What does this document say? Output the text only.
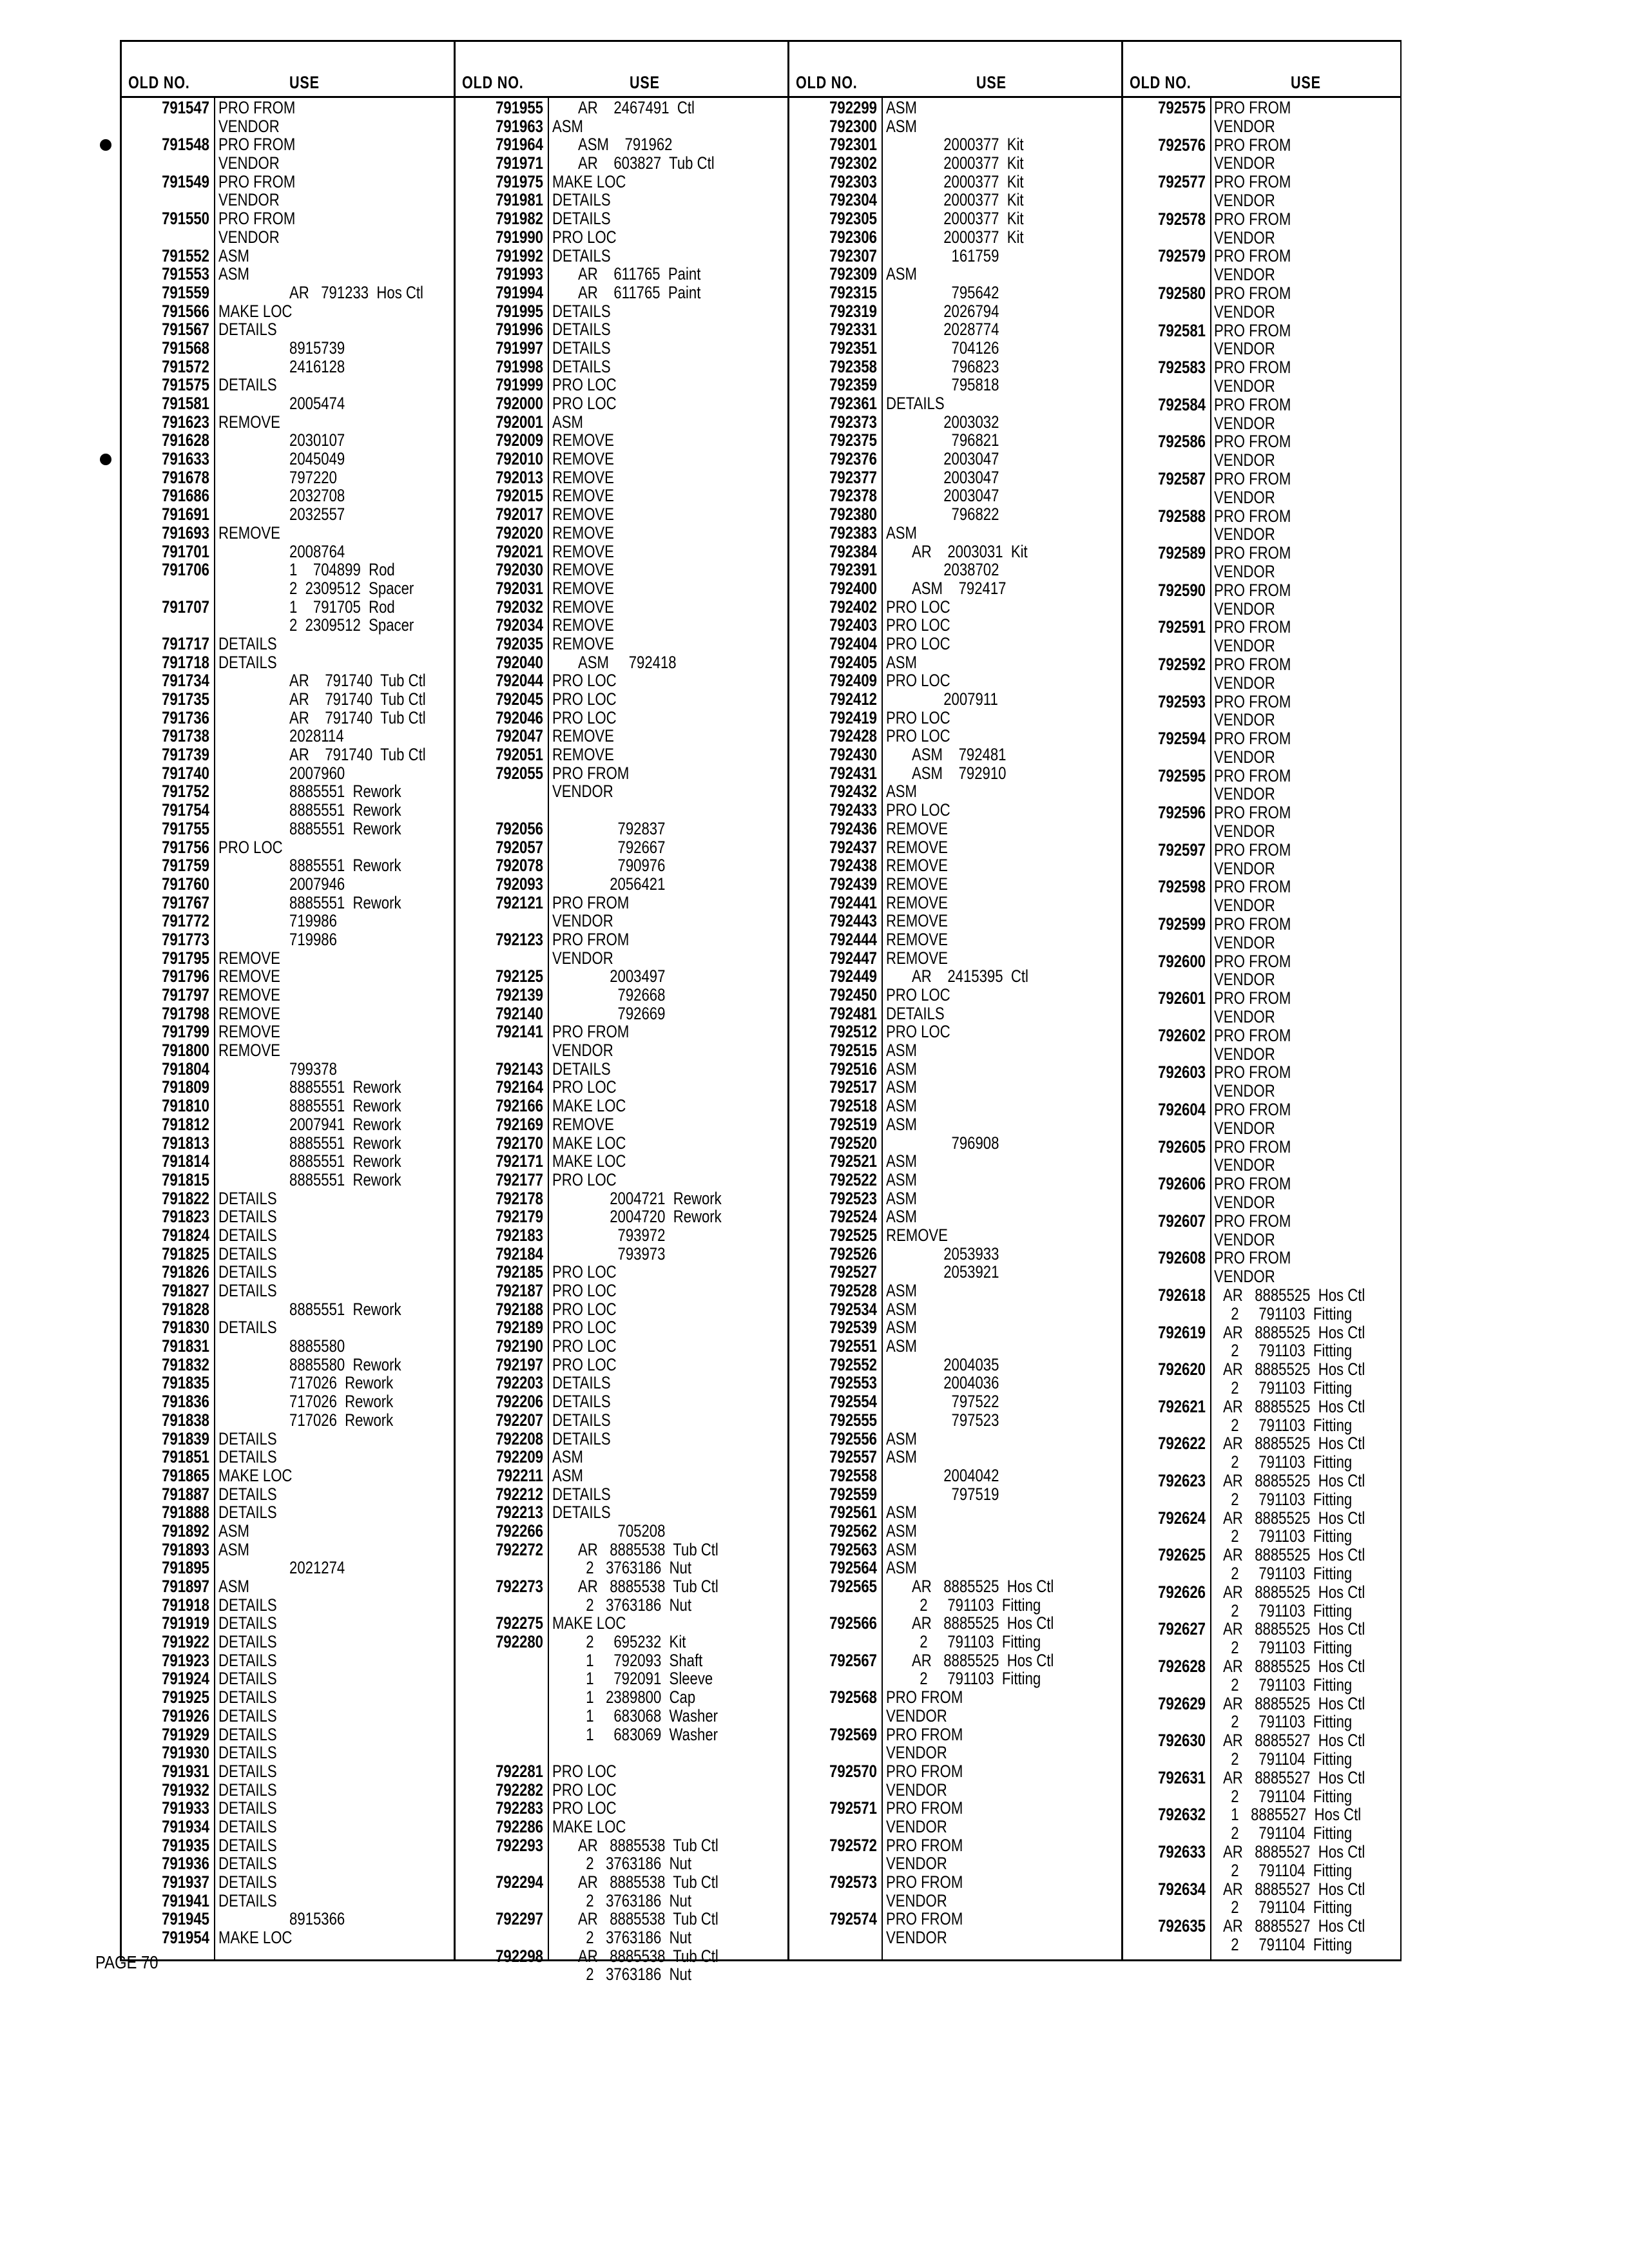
OLD NO.	USE
791547 PRO FROM
VENDOR
791548 PRO FROM
VENDOR
791549 PRO FROM
VENDOR
791550 PRO FROM
VENDOR
791552 ASM
791553 ASM
791559	AR   791233  Hos Ctl
791566 MAKE LOC
791567 DETAILS
791568	8915739
791572	2416128
791575 DETAILS
791581	2005474
791623 REMOVE
791628	2030107
791633	2045049
791678	797220
791686	2032708
791691	2032557
791693 REMOVE
791701	2008764
791706	1    704899  Rod
2  2309512  Spacer
791707	1    791705  Rod
2  2309512  Spacer
791717 DETAILS
791718 DETAILS
791734	AR    791740  Tub Ctl
791735	AR    791740  Tub Ctl
791736	AR    791740  Tub Ctl
791738	2028114
791739	AR    791740  Tub Ctl
791740	2007960
791752	8885551  Rework
791754	8885551  Rework
791755	8885551  Rework
791756 PRO LOC
791759	8885551  Rework
791760	2007946
791767	8885551  Rework
791772	719986
791773	719986
791795 REMOVE
791796 REMOVE
791797 REMOVE
791798 REMOVE
791799 REMOVE
791800 REMOVE
791804	799378
791809	8885551  Rework
791810	8885551  Rework
791812	2007941  Rework
791813	8885551  Rework
791814	8885551  Rework
791815	8885551  Rework
791822 DETAILS
791823 DETAILS
791824 DETAILS
791825 DETAILS
791826 DETAILS
791827 DETAILS
791828	8885551  Rework
791830 DETAILS
791831	8885580
791832	8885580  Rework
791835	717026  Rework
791836	717026  Rework
791838	717026  Rework
791839 DETAILS
791851 DETAILS
791865 MAKE LOC
791887 DETAILS
791888 DETAILS
791892 ASM
791893 ASM
791895	2021274
791897 ASM
791918 DETAILS
791919 DETAILS
791922 DETAILS
791923 DETAILS
791924 DETAILS
791925 DETAILS
791926 DETAILS
791929 DETAILS
791930 DETAILS
791931 DETAILS
791932 DETAILS
791933 DETAILS
791934 DETAILS
791935 DETAILS
791936 DETAILS
791937 DETAILS
791941 DETAILS
791945	8915366
791954 MAKE LOC
OLD NO.	USE
791955 AR    2467491  Ctl
791963 ASM
791964 ASM    791962
791971 AR    603827  Tub Ctl
791975 MAKE LOC
791981 DETAILS
791982 DETAILS
791990 PRO LOC
791992 DETAILS
791993 AR    611765  Paint
791994 AR    611765  Paint
791995 DETAILS
791996 DETAILS
791997 DETAILS
791998 DETAILS
791999 PRO LOC
792000 PRO LOC
792001 ASM
792009 REMOVE
792010 REMOVE
792013 REMOVE
792015 REMOVE
792017 REMOVE
792020 REMOVE
792021 REMOVE
792030 REMOVE
792031 REMOVE
792032 REMOVE
792034 REMOVE
792035 REMOVE
792040 ASM     792418
792044 PRO LOC
792045 PRO LOC
792046 PRO LOC
792047 REMOVE
792051 REMOVE
792055 PRO FROM
VENDOR
792056 792837
792057 792667
792078 790976
792093 2056421
792121 PRO FROM
VENDOR
792123 PRO FROM
VENDOR
792125 2003497
792139 792668
792140 792669
792141 PRO FROM
VENDOR
792143 DETAILS
792164 PRO LOC
792166 MAKE LOC
792169 REMOVE
792170 MAKE LOC
792171 MAKE LOC
792177 PRO LOC
792178 2004721  Rework
792179 2004720  Rework
792183 793972
792184 793973
792185 PRO LOC
792187 PRO LOC
792188 PRO LOC
792189 PRO LOC
792190 PRO LOC
792197 PRO LOC
792203 DETAILS
792206 DETAILS
792207 DETAILS
792208 DETAILS
792209 ASM
792211 ASM
792212 DETAILS
792213 DETAILS
792266 705208
792272 AR   8885538  Tub Ctl
2   3763186  Nut
792273 AR   8885538  Tub Ctl
2   3763186  Nut
792275 MAKE LOC
792280 2     695232  Kit
1     792093  Shaft
1     792091  Sleeve
1   2389800  Cap
1     683068  Washer
1     683069  Washer
792281 PRO LOC
792282 PRO LOC
792283 PRO LOC
792286 MAKE LOC
792293 AR   8885538  Tub Ctl
2   3763186  Nut
792294 AR   8885538  Tub Ctl
2   3763186  Nut
792297 AR   8885538  Tub Ctl
2   3763186  Nut
792298 AR   8885538  Tub Ctl
2   3763186  Nut
OLD NO.	USE
792299 ASM
792300 ASM
792301 2000377  Kit
792302 2000377  Kit
792303 2000377  Kit
792304 2000377  Kit
792305 2000377  Kit
792306 2000377  Kit
792307 161759
792309 ASM
792315 795642
792319 2026794
792331 2028774
792351 704126
792358 796823
792359 795818
792361 DETAILS
792373 2003032
792375 796821
792376 2003047
792377 2003047
792378 2003047
792380 796822
792383 ASM
792384 AR    2003031  Kit
792391 2038702
792400 ASM    792417
792402 PRO LOC
792403 PRO LOC
792404 PRO LOC
792405 ASM
792409 PRO LOC
792412 2007911
792419 PRO LOC
792428 PRO LOC
792430 ASM    792481
792431 ASM    792910
792432 ASM
792433 PRO LOC
792436 REMOVE
792437 REMOVE
792438 REMOVE
792439 REMOVE
792441 REMOVE
792443 REMOVE
792444 REMOVE
792447 REMOVE
792449 AR    2415395  Ctl
792450 PRO LOC
792481 DETAILS
792512 PRO LOC
792515 ASM
792516 ASM
792517 ASM
792518 ASM
792519 ASM
792520 796908
792521 ASM
792522 ASM
792523 ASM
792524 ASM
792525 REMOVE
792526 2053933
792527 2053921
792528 ASM
792534 ASM
792539 ASM
792551 ASM
792552 2004035
792553 2004036
792554 797522
792555 797523
792556 ASM
792557 ASM
792558 2004042
792559 797519
792561 ASM
792562 ASM
792563 ASM
792564 ASM
792565 AR   8885525  Hos Ctl
2     791103  Fitting
792566 AR   8885525  Hos Ctl
2     791103  Fitting
792567 AR   8885525  Hos Ctl
2     791103  Fitting
792568 PRO FROM
VENDOR
792569 PRO FROM
VENDOR
792570 PRO FROM
VENDOR
792571 PRO FROM
VENDOR
792572 PRO FROM
VENDOR
792573 PRO FROM
VENDOR
792574 PRO FROM
VENDOR
OLD NO.	USE
792575 PRO FROM
VENDOR
792576 PRO FROM
VENDOR
792577 PRO FROM
VENDOR
792578 PRO FROM
VENDOR
792579 PRO FROM
VENDOR
792580 PRO FROM
VENDOR
792581 PRO FROM
VENDOR
792583 PRO FROM
VENDOR
792584 PRO FROM
VENDOR
792586 PRO FROM
VENDOR
792587 PRO FROM
VENDOR
792588 PRO FROM
VENDOR
792589 PRO FROM
VENDOR
792590 PRO FROM
VENDOR
792591 PRO FROM
VENDOR
792592 PRO FROM
VENDOR
792593 PRO FROM
VENDOR
792594 PRO FROM
VENDOR
792595 PRO FROM
VENDOR
792596 PRO FROM
VENDOR
792597 PRO FROM
VENDOR
792598 PRO FROM
VENDOR
792599 PRO FROM
VENDOR
792600 PRO FROM
VENDOR
792601 PRO FROM
VENDOR
792602 PRO FROM
VENDOR
792603 PRO FROM
VENDOR
792604 PRO FROM
VENDOR
792605 PRO FROM
VENDOR
792606 PRO FROM
VENDOR
792607 PRO FROM
VENDOR
792608 PRO FROM
VENDOR
792618 AR   8885525  Hos Ctl
2     791103  Fitting
792619 AR   8885525  Hos Ctl
2     791103  Fitting
792620 AR   8885525  Hos Ctl
2     791103  Fitting
792621 AR   8885525  Hos Ctl
2     791103  Fitting
792622 AR   8885525  Hos Ctl
2     791103  Fitting
792623 AR   8885525  Hos Ctl
2     791103  Fitting
792624 AR   8885525  Hos Ctl
2     791103  Fitting
792625 AR   8885525  Hos Ctl
2     791103  Fitting
792626 AR   8885525  Hos Ctl
2     791103  Fitting
792627 AR   8885525  Hos Ctl
2     791103  Fitting
792628 AR   8885525  Hos Ctl
2     791103  Fitting
792629 AR   8885525  Hos Ctl
2     791103  Fitting
792630 AR   8885527  Hos Ctl
2     791104  Fitting
792631 AR   8885527  Hos Ctl
2     791104  Fitting
792632 1   8885527  Hos Ctl
2     791104  Fitting
792633 AR   8885527  Hos Ctl
2     791104  Fitting
792634 AR   8885527  Hos Ctl
2     791104  Fitting
792635 AR   8885527  Hos Ctl
2     791104  Fitting
PAGE 70
